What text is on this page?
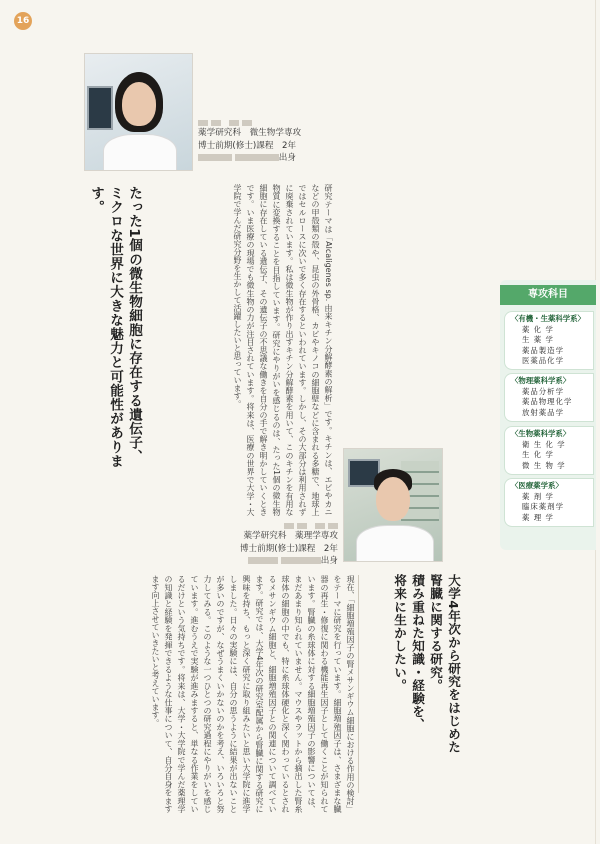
16

薬学研究科　微生物学専攻
博士前期(修士)課程　2年
出身
たった1個の微生物細胞に存在する遺伝子、
ミクロな世界に大きな魅力と可能性があります。	研究テーマは「Alcaligenes sp. 由来キチン分解酵素の解析」です。キチンは、エビやカニなどの甲殻類の殻や、昆虫の外骨格、カビやキノコの細胞壁などに含まれる多糖で、地球上ではセルロースに次いで多く存在するといわれています。しかし、その大部分は利用されずに廃棄されています。私は微生物が作り出すキチン分解酵素を用いて、このキチンを有用な物質に変換することを目指しています。研究にやりがいを感じるのは、たった1個の微生物細胞に存在している遺伝子、その遺伝子の不思議な働きを自分の手で解き明かしていくときです。いま医療の現場でも微生物の力が注目されています。将来は、医療の世界で大学・大学院で学んだ研究分野を生かして活躍したいと思っています。

薬学研究科　薬理学専攻
博士前期(修士)課程　2年
出身
大学4年次から研究をはじめた
腎臓に関する研究。
積み重ねた知識・経験を、
将来に生かしたい。
現在、「細胞増殖因子の腎メサンギウム細胞における作用の検討」をテーマに研究を行っています。細胞増殖因子は、さまざまな臓器の再生・修復に関わる機能再生因子として働くことが知られています。腎臓の糸球体に対する細胞増殖因子の影響については、まだあまり知られていません。マウスやラットから摘出した腎糸球体の細胞の中でも、特に糸球体硬化と深く関わっているとされるメサンギウム細胞と、細胞増殖因子との関連について調べています。研究では、大学4年次の研究室配属から腎臓に関する研究に興味を持ち、もっと深く研究に取り組みたいと思い大学院に進学しました。日々の実験には、自分の思うように結果が出ないことが多いのですが、なぜうまくいかないのかを考え、いろいろと努力してみる。このような一つひとつの研究過程にやりがいを感じています。進むうえで実験が進みますると、単なる作業をしているだけという気持ちです。将来は、大学・大学院で学んだ薬理学の知識と経験を発揮できるような仕事について、自分自身をますます向上させていきたいと考えています。
専攻科目
〈有機・生薬科学系〉
薬 化 学
生 薬 学
薬品製造学
医薬品化学
〈物理薬科学系〉
薬品分析学
薬品物理化学
放射薬品学
〈生物薬科学系〉
衛 生 化 学
生 化 学
微 生 物 学
〈医療薬学系〉
薬 剤 学
臨床薬剤学
薬 理 学
